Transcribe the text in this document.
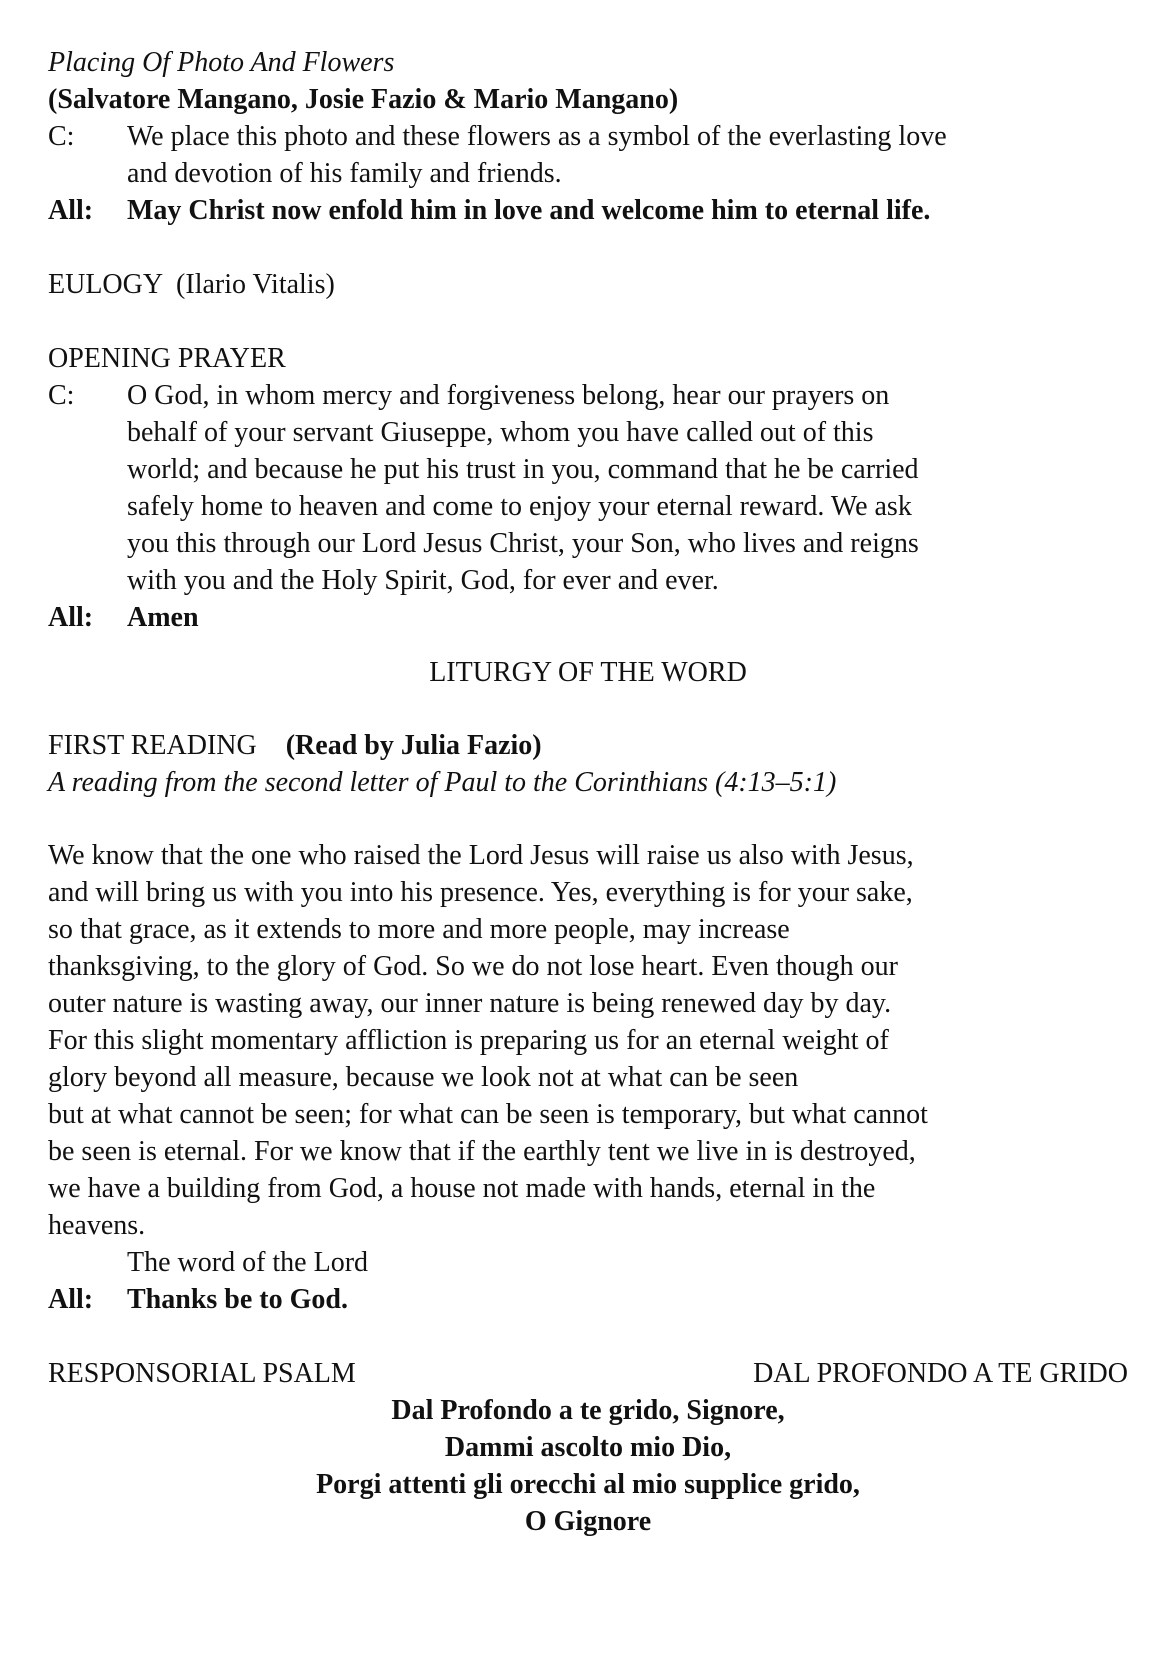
Placing Of Photo And Flowers
(Salvatore Mangano, Josie Fazio & Mario Mangano)
C:	We place this photo and these flowers as a symbol of the everlasting love
and devotion of his family and friends.
All:	May Christ now enfold him in love and welcome him to eternal life.
EULOGY  (Ilario Vitalis)
OPENING PRAYER
C:	O God, in whom mercy and forgiveness belong, hear our prayers on
behalf of your servant Giuseppe, whom you have called out of this
world; and because he put his trust in you, command that he be carried
safely home to heaven and come to enjoy your eternal reward. We ask
you this through our Lord Jesus Christ, your Son, who lives and reigns
with you and the Holy Spirit, God, for ever and ever.
All:	Amen
LITURGY OF THE WORD
FIRST READING (Read by Julia Fazio)
A reading from the second letter of Paul to the Corinthians (4:13–5:1)
We know that the one who raised the Lord Jesus will raise us also with Jesus,
and will bring us with you into his presence. Yes, everything is for your sake,
so that grace, as it extends to more and more people, may increase
thanksgiving, to the glory of God. So we do not lose heart. Even though our
outer nature is wasting away, our inner nature is being renewed day by day.
For this slight momentary affliction is preparing us for an eternal weight of
glory beyond all measure, because we look not at what can be seen
but at what cannot be seen; for what can be seen is temporary, but what cannot
be seen is eternal. For we know that if the earthly tent we live in is destroyed,
we have a building from God, a house not made with hands, eternal in the
heavens.
The word of the Lord
All:	Thanks be to God.
RESPONSORIAL PSALM	DAL PROFONDO A TE GRIDO
Dal Profondo a te grido, Signore,
Dammi ascolto mio Dio,
Porgi attenti gli orecchi al mio supplice grido,
O Gignore
